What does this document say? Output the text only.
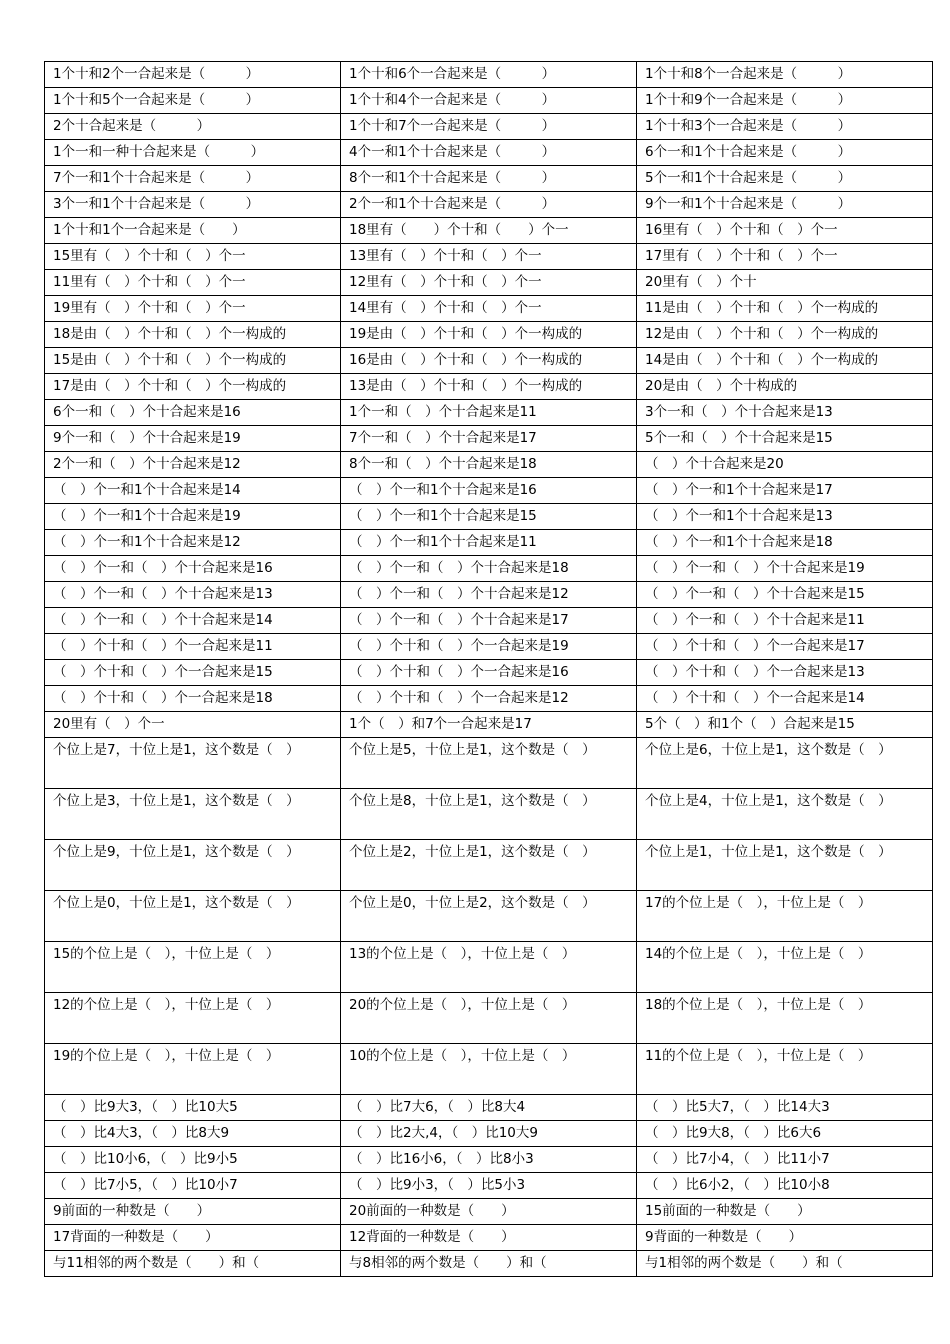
1个十和2个一合起来是（　　　）	1个十和6个一合起来是（　　　）	1个十和8个一合起来是（　　　）
1个十和5个一合起来是（　　　）	1个十和4个一合起来是（　　　）	1个十和9个一合起来是（　　　）
2个十合起来是（　　　）	1个十和7个一合起来是（　　　）	1个十和3个一合起来是（　　　）
1个一和一种十合起来是（　　　）	4个一和1个十合起来是（　　　）	6个一和1个十合起来是（　　　）
7个一和1个十合起来是（　　　）	8个一和1个十合起来是（　　　）	5个一和1个十合起来是（　　　）
3个一和1个十合起来是（　　　）	2个一和1个十合起来是（　　　）	9个一和1个十合起来是（　　　）
1个十和1个一合起来是（　　）	18里有（　　）个十和（　　）个一	16里有（　）个十和（　）个一
15里有（　）个十和（　）个一	13里有（　）个十和（　）个一	17里有（　）个十和（　）个一
11里有（　）个十和（　）个一	12里有（　）个十和（　）个一	20里有（　）个十
19里有（　）个十和（　）个一	14里有（　）个十和（　）个一	11是由（　）个十和（　）个一构成的
18是由（　）个十和（　）个一构成的	19是由（　）个十和（　）个一构成的	12是由（　）个十和（　）个一构成的
15是由（　）个十和（　）个一构成的	16是由（　）个十和（　）个一构成的	14是由（　）个十和（　）个一构成的
17是由（　）个十和（　）个一构成的	13是由（　）个十和（　）个一构成的	20是由（　）个十构成的
6个一和（　）个十合起来是16	1个一和（　）个十合起来是11	3个一和（　）个十合起来是13
9个一和（　）个十合起来是19	7个一和（　）个十合起来是17	5个一和（　）个十合起来是15
2个一和（　）个十合起来是12	8个一和（　）个十合起来是18	（　）个十合起来是20
（　）个一和1个十合起来是14	（　）个一和1个十合起来是16	（　）个一和1个十合起来是17
（　）个一和1个十合起来是19	（　）个一和1个十合起来是15	（　）个一和1个十合起来是13
（　）个一和1个十合起来是12	（　）个一和1个十合起来是11	（　）个一和1个十合起来是18
（　）个一和（　）个十合起来是16	（　）个一和（　）个十合起来是18	（　）个一和（　）个十合起来是19
（　）个一和（　）个十合起来是13	（　）个一和（　）个十合起来是12	（　）个一和（　）个十合起来是15
（　）个一和（　）个十合起来是14	（　）个一和（　）个十合起来是17	（　）个一和（　）个十合起来是11
（　）个十和（　）个一合起来是11	（　）个十和（　）个一合起来是19	（　）个十和（　）个一合起来是17
（　）个十和（　）个一合起来是15	（　）个十和（　）个一合起来是16	（　）个十和（　）个一合起来是13
（　）个十和（　）个一合起来是18	（　）个十和（　）个一合起来是12	（　）个十和（　）个一合起来是14
20里有（　）个一	1个（　）和7个一合起来是17	5个（　）和1个（　）合起来是15
个位上是7，十位上是1，这个数是（　）	个位上是5，十位上是1，这个数是（　）	个位上是6，十位上是1，这个数是（　）
个位上是3，十位上是1，这个数是（　）	个位上是8，十位上是1，这个数是（　）	个位上是4，十位上是1，这个数是（　）
个位上是9，十位上是1，这个数是（　）	个位上是2，十位上是1，这个数是（　）	个位上是1，十位上是1，这个数是（　）
个位上是0，十位上是1，这个数是（　）	个位上是0，十位上是2，这个数是（　）	17的个位上是（　），十位上是（　）
15的个位上是（　），十位上是（　）	13的个位上是（　），十位上是（　）	14的个位上是（　），十位上是（　）
12的个位上是（　），十位上是（　）	20的个位上是（　），十位上是（　）	18的个位上是（　），十位上是（　）
19的个位上是（　），十位上是（　）	10的个位上是（　），十位上是（　）	11的个位上是（　），十位上是（　）
（　）比9大3，（　）比10大5	（　）比7大6，（　）比8大4	（　）比5大7，（　）比14大3
（　）比4大3，（　）比8大9	（　）比2大,4，（　）比10大9	（　）比9大8，（　）比6大6
（　）比10小6，（　）比9小5	（　）比16小6，（　）比8小3	（　）比7小4，（　）比11小7
（　）比7小5，（　）比10小7	（　）比9小3，（　）比5小3	（　）比6小2，（　）比10小8
9前面的一种数是（　　）	20前面的一种数是（　　）	15前面的一种数是（　　）
17背面的一种数是（　　）	12背面的一种数是（　　）	9背面的一种数是（　　）
与11相邻的两个数是（　　）和（	与8相邻的两个数是（　　）和（	与1相邻的两个数是（　　）和（
